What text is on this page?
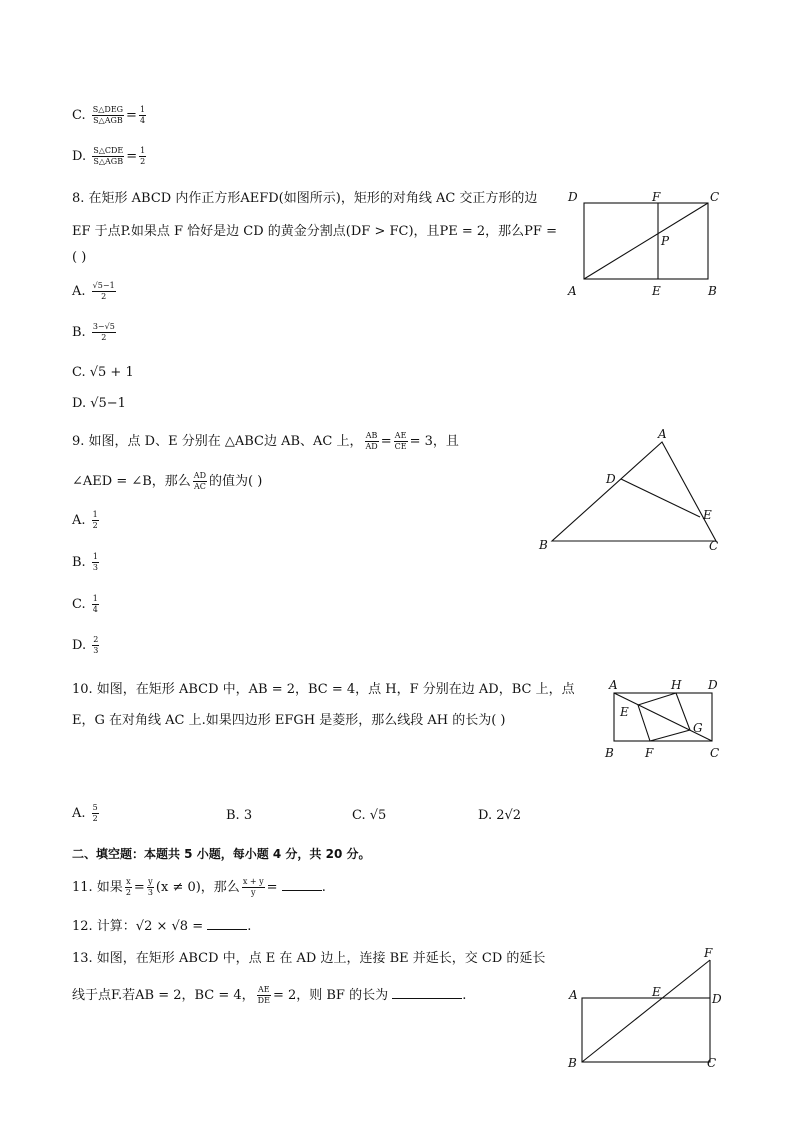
C. $\frac{\text{S△DEG}}{\text{S△AGB}} = \frac{1}{4}$
D. $\frac{\text{S△CDE}}{\text{S△AGB}} = \frac{1}{2}$
8. 在矩形 ABCD 内作正方形AEFD(如图所示)，矩形的对角线 AC 交正方形的边
EF 于点P.如果点 F 恰好是边 CD 的黄金分割点(DF > FC)，且PE = 2，那么PF =
( )
A. $\frac{√5-1}{2}$
B. $\frac{3-√5}{2}$
C. √5 + 1
D. √5−1
D	F	C
P
A	E	B
9. 如图，点 D、E 分别在 △ABC边 AB、AC 上， $\frac{AB}{AD} = \frac{AE}{CE} = 3$，且
∠AED = ∠B，那么 $\frac{AD}{AC}$ 的值为( )
A. $\frac{1}{2}$
B. $\frac{1}{3}$
C. $\frac{1}{4}$
D. $\frac{2}{3}$
A
D
E
B	C
10. 如图，在矩形 ABCD 中，AB = 2，BC = 4，点 H，F 分别在边 AD，BC 上，点
E，G 在对角线 AC 上.如果四边形 EFGH 是菱形，那么线段 AH 的长为( )
A. $\frac{5}{2}$	B. 3	C. √5	D. 2√2
A	H D
E
G
B	F	C
二、填空题：本题共 5 小题，每小题 4 分，共 20 分。
11. 如果 $\frac{x}{2} = \frac{y}{3} (x \ne 0)$，那么 $\frac{x + y}{y}$ =	.
12. 计算：√2 × √8 =	.
13. 如图，在矩形 ABCD 中，点 E 在 AD 边上，连接 BE 并延长，交 CD 的延长
线于点F.若AB = 2，BC = 4， $\frac{AE}{DE} = 2$，则 BF 的长为	.
F
A	E	D
B	C
